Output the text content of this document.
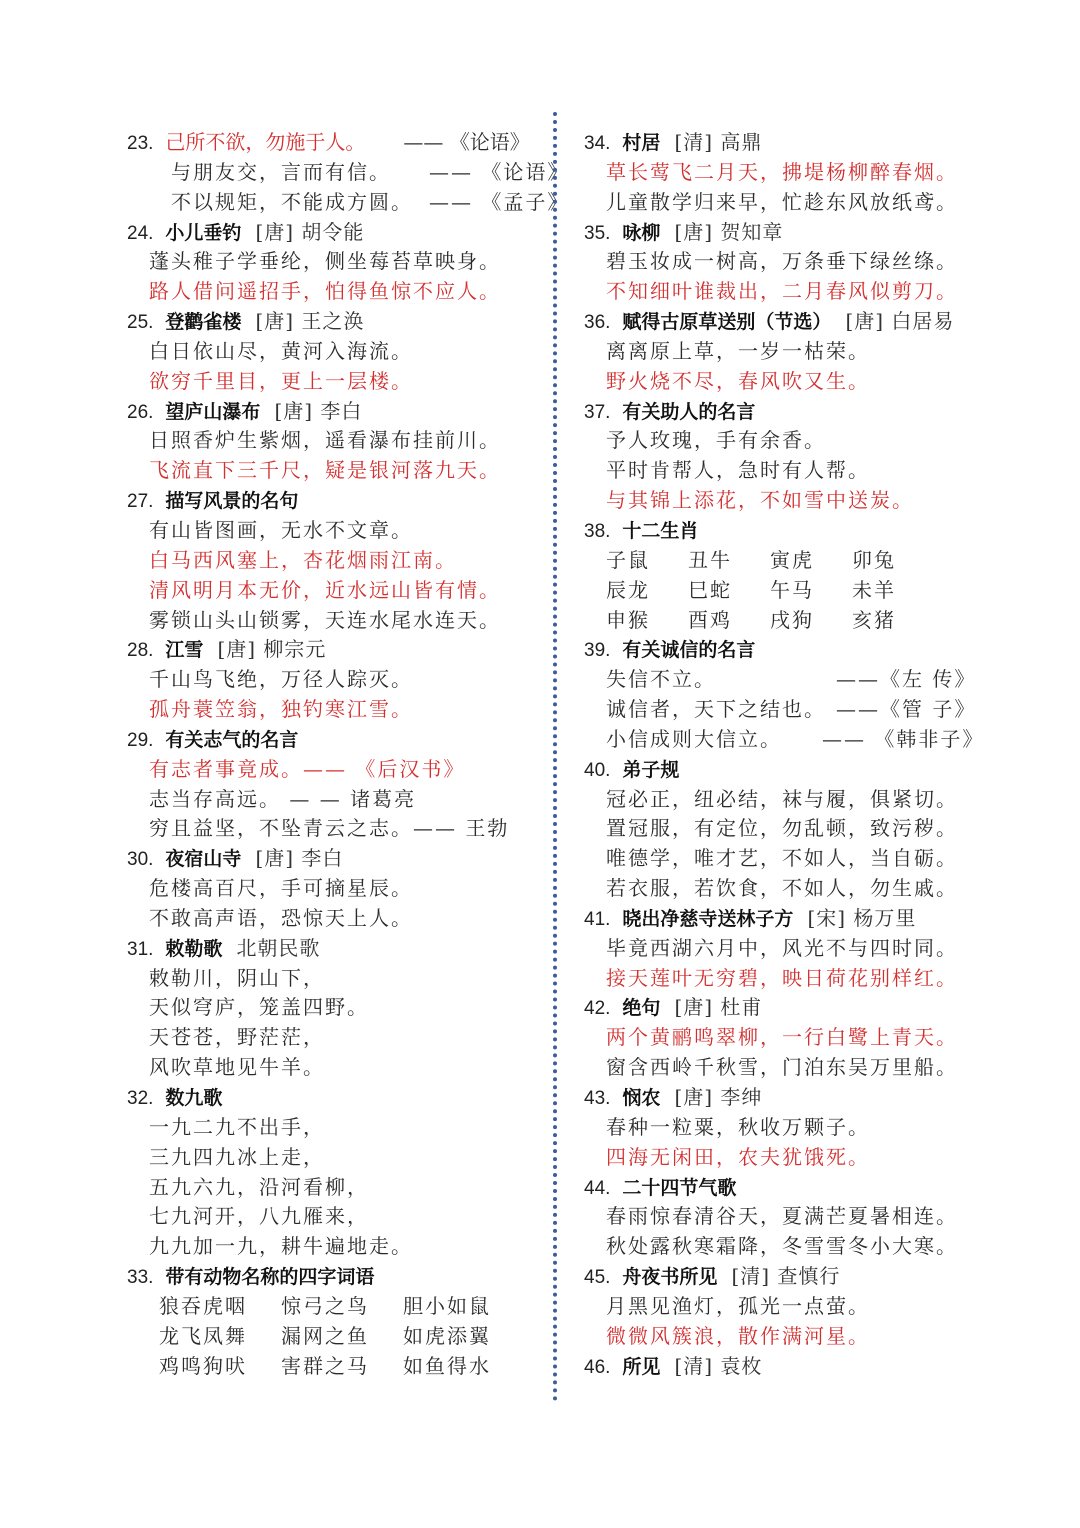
23. 己所不欲，勿施于人。 —— 《论语》
与朋友交，言而有信。 —— 《论语》
不以规矩，不能成方圆。 —— 《孟子》
24. 小儿垂钓 [唐] 胡令能
蓬头稚子学垂纶，侧坐莓苔草映身。
路人借问遥招手，怕得鱼惊不应人。
25. 登鹳雀楼 [唐] 王之涣
白日依山尽，黄河入海流。
欲穷千里目，更上一层楼。
26. 望庐山瀑布 [唐] 李白
日照香炉生紫烟，遥看瀑布挂前川。
飞流直下三千尺，疑是银河落九天。
27. 描写风景的名句
有山皆图画，无水不文章。
白马西风塞上，杏花烟雨江南。
清风明月本无价，近水远山皆有情。
雾锁山头山锁雾，天连水尾水连天。
28. 江雪 [唐] 柳宗元
千山鸟飞绝，万径人踪灭。
孤舟蓑笠翁，独钓寒江雪。
29. 有关志气的名言
有志者事竟成。—— 《后汉书》
志当存高远。 — — 诸葛亮
穷且益坚，不坠青云之志。—— 王勃
30. 夜宿山寺 [唐] 李白
危楼高百尺，手可摘星辰。
不敢高声语，恐惊天上人。
31. 敕勒歌 北朝民歌
敕勒川，阴山下，
天似穹庐，笼盖四野。
天苍苍，野茫茫，
风吹草地见牛羊。
32. 数九歌
一九二九不出手，
三九四九冰上走，
五九六九，沿河看柳，
七九河开，八九雁来，
九九加一九，耕牛遍地走。
33. 带有动物名称的四字词语
狼吞虎咽	惊弓之鸟	胆小如鼠
龙飞凤舞	漏网之鱼	如虎添翼
鸡鸣狗吠	害群之马	如鱼得水
34. 村居 [清] 高鼎
草长莺飞二月天，拂堤杨柳醉春烟。
儿童散学归来早，忙趁东风放纸鸢。
35. 咏柳 [唐] 贺知章
碧玉妆成一树高，万条垂下绿丝绦。
不知细叶谁裁出，二月春风似剪刀。
36. 赋得古原草送别（节选） [唐] 白居易
离离原上草，一岁一枯荣。
野火烧不尽，春风吹又生。
37. 有关助人的名言
予人玫瑰，手有余香。
平时肯帮人，急时有人帮。
与其锦上添花，不如雪中送炭。
38. 十二生肖
子鼠	丑牛	寅虎	卯兔
辰龙	巳蛇	午马	未羊
申猴	酉鸡	戌狗	亥猪
39. 有关诚信的名言
失信不立。	——《左 传》
诚信者，天下之结也。 ——《管 子》
小信成则大信立。 —— 《韩非子》
40. 弟子规
冠必正，纽必结，袜与履，俱紧切。
置冠服，有定位，勿乱顿，致污秽。
唯德学，唯才艺，不如人，当自砺。
若衣服，若饮食，不如人，勿生戚。
41. 晓出净慈寺送林子方 [宋] 杨万里
毕竟西湖六月中，风光不与四时同。
接天莲叶无穷碧，映日荷花别样红。
42. 绝句 [唐] 杜甫
两个黄鹂鸣翠柳，一行白鹭上青天。
窗含西岭千秋雪，门泊东吴万里船。
43. 悯农 [唐] 李绅
春种一粒粟，秋收万颗子。
四海无闲田，农夫犹饿死。
44. 二十四节气歌
春雨惊春清谷天，夏满芒夏暑相连。
秋处露秋寒霜降，冬雪雪冬小大寒。
45. 舟夜书所见 [清] 查慎行
月黑见渔灯，孤光一点萤。
微微风簇浪，散作满河星。
46. 所见 [清] 袁枚
